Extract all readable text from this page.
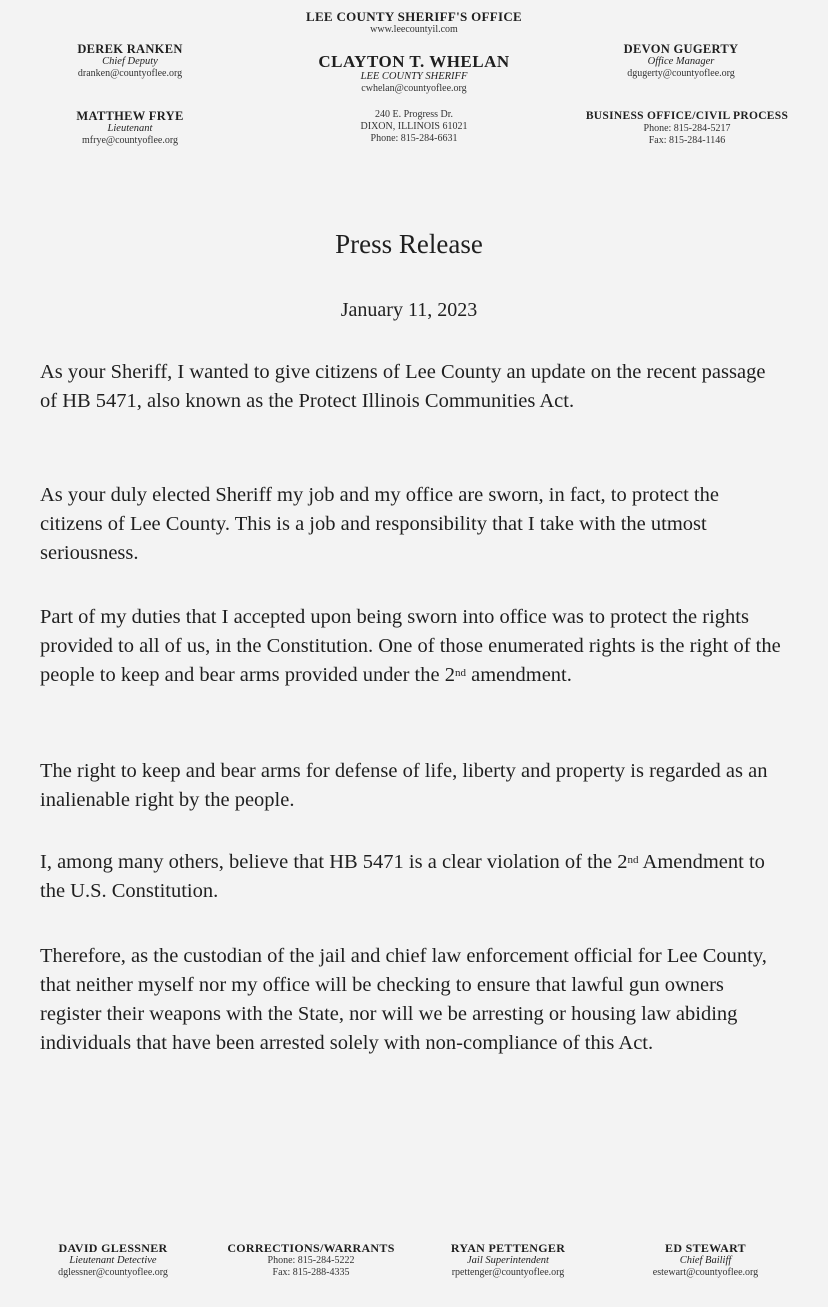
LEE COUNTY SHERIFF'S OFFICE
www.leecountyil.com
CLAYTON T. WHELAN
LEE COUNTY SHERIFF
cwhelan@countyoflee.org
240 E. Progress Dr.
DIXON, ILLINOIS 61021
Phone: 815-284-6631
DEREK RANKEN
Chief Deputy
dranken@countyoflee.org
MATTHEW FRYE
Lieutenant
mfrye@countyoflee.org
DEVON GUGERTY
Office Manager
dgugerty@countyoflee.org
BUSINESS OFFICE/CIVIL PROCESS
Phone: 815-284-5217
Fax: 815-284-1146
Press Release
January 11, 2023

As your Sheriff, I wanted to give citizens of Lee County an update on the recent passage of HB 5471, also known as the Protect Illinois Communities Act.

As your duly elected Sheriff my job and my office are sworn, in fact, to protect the citizens of Lee County. This is a job and responsibility that I take with the utmost seriousness.

Part of my duties that I accepted upon being sworn into office was to protect the rights provided to all of us, in the Constitution. One of those enumerated rights is the right of the people to keep and bear arms provided under the 2nd amendment.

The right to keep and bear arms for defense of life, liberty and property is regarded as an inalienable right by the people.

I, among many others, believe that HB 5471 is a clear violation of the 2nd Amendment to the U.S. Constitution.

Therefore, as the custodian of the jail and chief law enforcement official for Lee County, that neither myself nor my office will be checking to ensure that lawful gun owners register their weapons with the State, nor will we be arresting or housing law abiding individuals that have been arrested solely with non-compliance of this Act.

DAVID GLESSNER
Lieutenant Detective
dglessner@countyoflee.org
CORRECTIONS/WARRANTS
Phone: 815-284-5222
Fax: 815-288-4335
RYAN PETTENGER
Jail Superintendent
rpettenger@countyoflee.org
ED STEWART
Chief Bailiff
estewart@countyoflee.org
